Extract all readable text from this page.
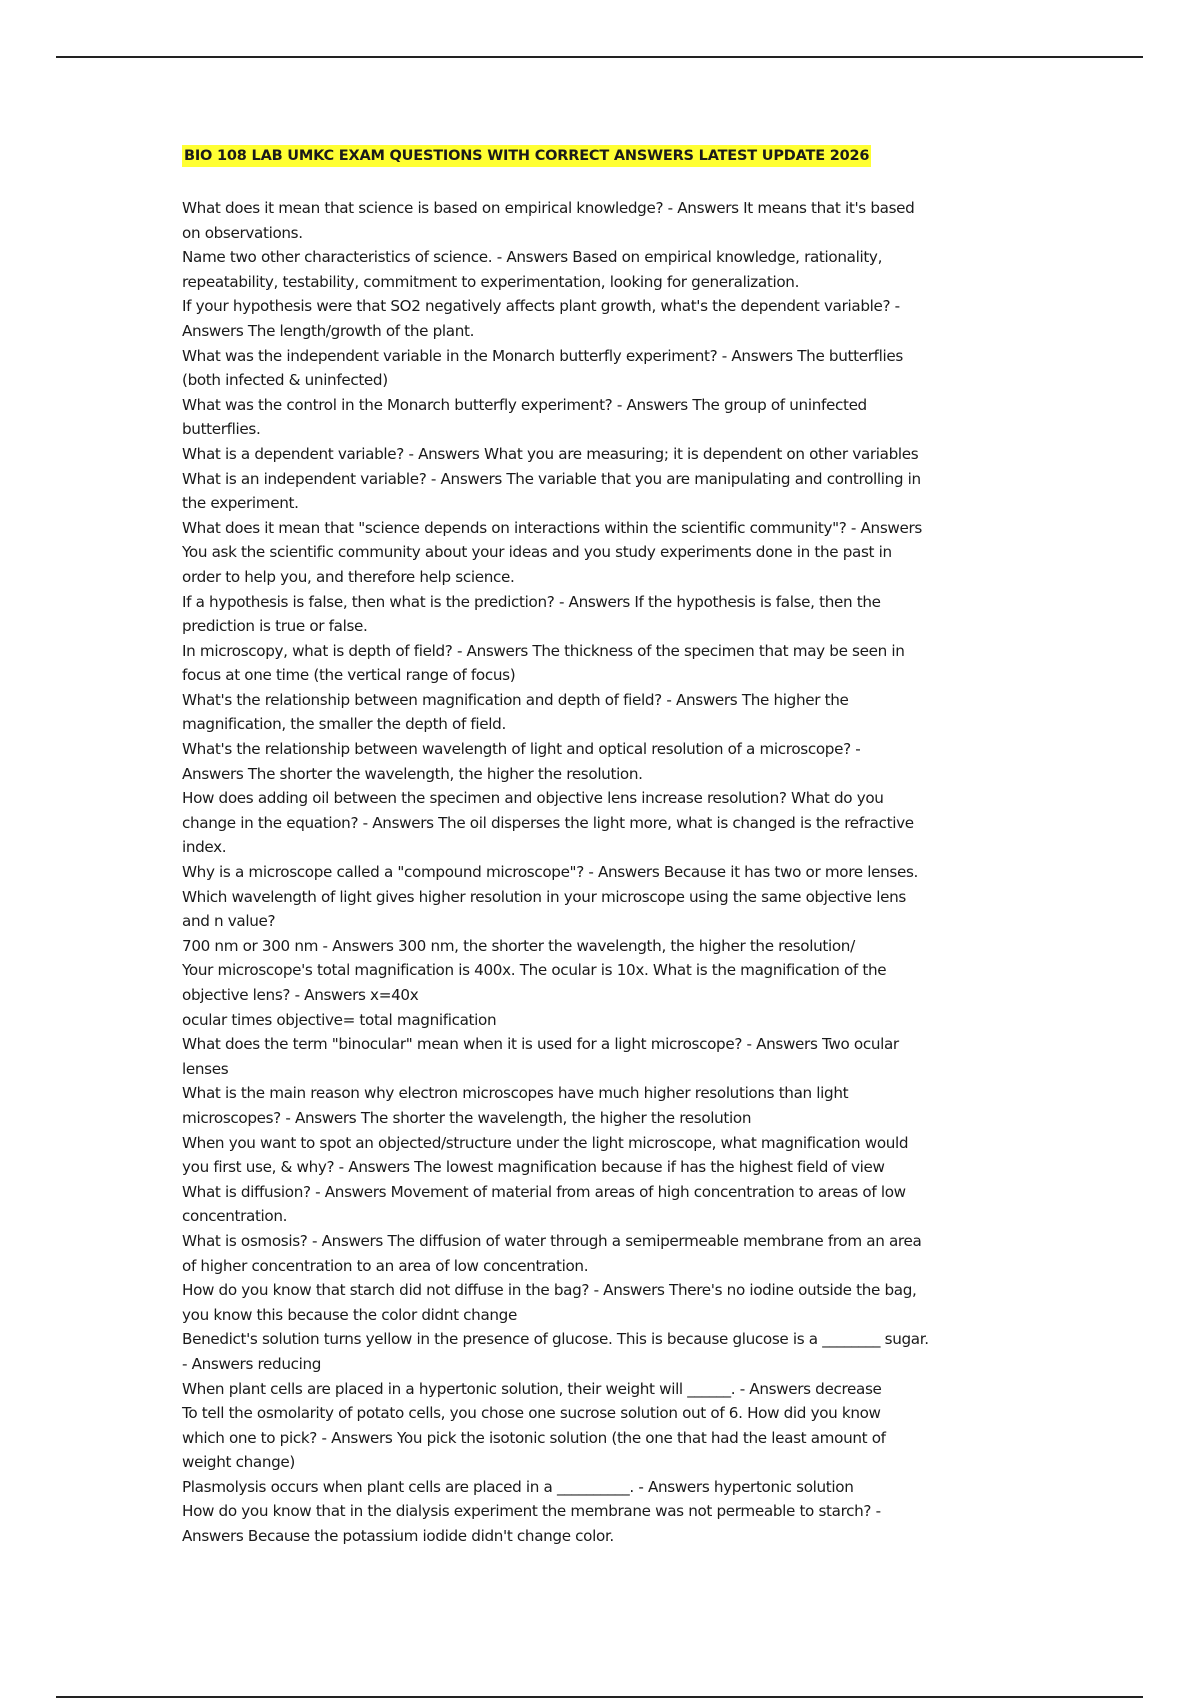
BIO 108 LAB UMKC EXAM QUESTIONS WITH CORRECT ANSWERS LATEST UPDATE 2026
What does it mean that science is based on empirical knowledge? - Answers It means that it's based
on observations.
Name two other characteristics of science. - Answers Based on empirical knowledge, rationality,
repeatability, testability, commitment to experimentation, looking for generalization.
If your hypothesis were that SO2 negatively affects plant growth, what's the dependent variable? -
Answers The length/growth of the plant.
What was the independent variable in the Monarch butterfly experiment? - Answers The butterflies
(both infected & uninfected)
What was the control in the Monarch butterfly experiment? - Answers The group of uninfected
butterflies.
What is a dependent variable? - Answers What you are measuring; it is dependent on other variables
What is an independent variable? - Answers The variable that you are manipulating and controlling in
the experiment.
What does it mean that "science depends on interactions within the scientific community"? - Answers
You ask the scientific community about your ideas and you study experiments done in the past in
order to help you, and therefore help science.
If a hypothesis is false, then what is the prediction? - Answers If the hypothesis is false, then the
prediction is true or false.
In microscopy, what is depth of field? - Answers The thickness of the specimen that may be seen in
focus at one time (the vertical range of focus)
What's the relationship between magnification and depth of field? - Answers The higher the
magnification, the smaller the depth of field.
What's the relationship between wavelength of light and optical resolution of a microscope? -
Answers The shorter the wavelength, the higher the resolution.
How does adding oil between the specimen and objective lens increase resolution? What do you
change in the equation? - Answers The oil disperses the light more, what is changed is the refractive
index.
Why is a microscope called a "compound microscope"? - Answers Because it has two or more lenses.
Which wavelength of light gives higher resolution in your microscope using the same objective lens
and n value?
700 nm or 300 nm - Answers 300 nm, the shorter the wavelength, the higher the resolution/
Your microscope's total magnification is 400x. The ocular is 10x. What is the magnification of the
objective lens? - Answers x=40x
ocular times objective= total magnification
What does the term "binocular" mean when it is used for a light microscope? - Answers Two ocular
lenses
What is the main reason why electron microscopes have much higher resolutions than light
microscopes? - Answers The shorter the wavelength, the higher the resolution
When you want to spot an objected/structure under the light microscope, what magnification would
you first use, & why? - Answers The lowest magnification because if has the highest field of view
What is diffusion? - Answers Movement of material from areas of high concentration to areas of low
concentration.
What is osmosis? - Answers The diffusion of water through a semipermeable membrane from an area
of higher concentration to an area of low concentration.
How do you know that starch did not diffuse in the bag? - Answers There's no iodine outside the bag,
you know this because the color didnt change
Benedict's solution turns yellow in the presence of glucose. This is because glucose is a ________ sugar.
- Answers reducing
When plant cells are placed in a hypertonic solution, their weight will ______. - Answers decrease
To tell the osmolarity of potato cells, you chose one sucrose solution out of 6. How did you know
which one to pick? - Answers You pick the isotonic solution (the one that had the least amount of
weight change)
Plasmolysis occurs when plant cells are placed in a __________. - Answers hypertonic solution
How do you know that in the dialysis experiment the membrane was not permeable to starch? -
Answers Because the potassium iodide didn't change color.
